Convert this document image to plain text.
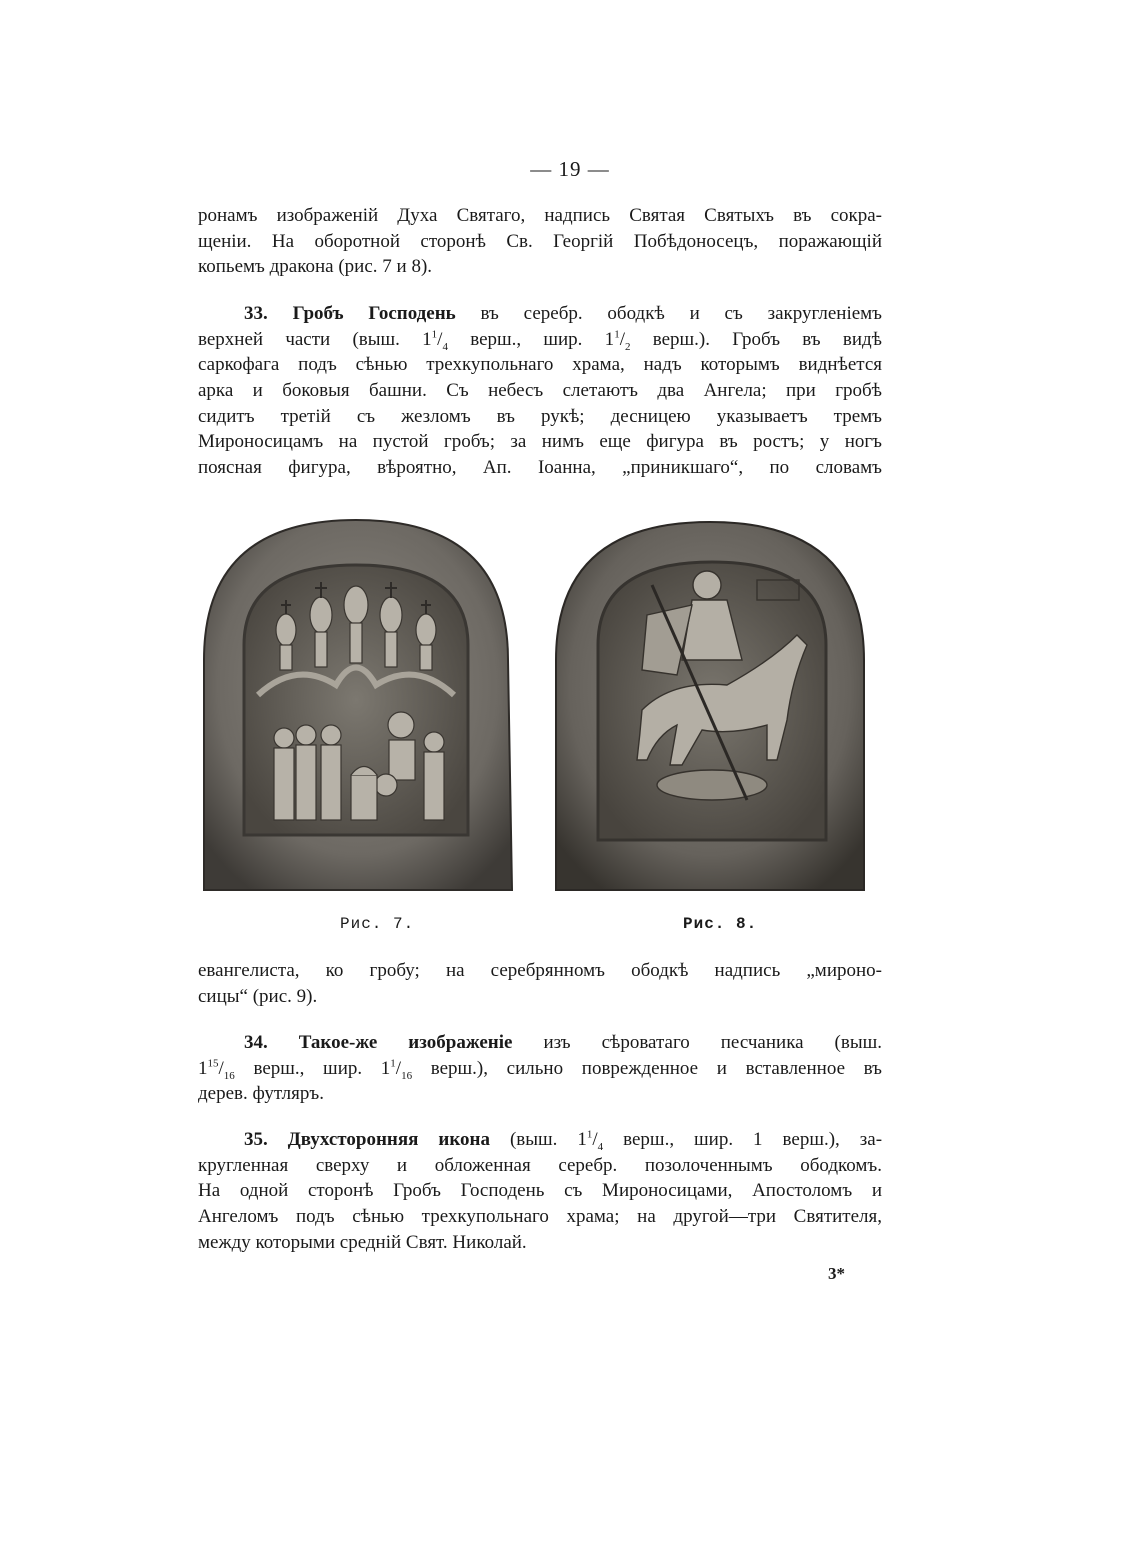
— 19 —
ронамъ изображенiй Духа Святаго, надпись Святая Святыхъ въ сокра-
щенiи. На оборотной сторонѣ Св. Георгiй Побѣдоносецъ, поражающiй
копьемъ дракона (рис. 7 и 8).
33. Гробъ Господень въ серебр. ободкѣ и съ закругленiемъ
верхней части (выш. $1^1/_4$ верш., шир. $1^1/_2$ верш.). Гробъ въ видѣ
саркофага подъ сѣнью трехкупольнаго храма, надъ которымъ виднѣется
арка и боковыя башни. Съ небесъ слетаютъ два Ангела; при гробѣ
сидитъ третiй съ жезломъ въ рукѣ; десницею указываетъ тремъ
Мироносицамъ на пустой гробъ; за нимъ еще фигура въ ростъ; у ногъ
поясная фигура, вѣроятно, Ап. Iоанна, „приникшаго“, по словамъ
Рис. 7.	Рис. 8.
евангелиста, ко гробу; на серебрянномъ ободкѣ надпись „мироно-
сицы“ (рис. 9).
34. Такое-же изображенiе изъ сѣроватаго песчаника (выш.
$1^{15}/_{16}$ верш., шир. $1^1/_{16}$ верш.), сильно поврежденное и вставленное въ
дерев. футляръ.
35. Двухсторонняя икона (выш. $1^1/_4$ верш., шир. 1 верш.), за-
кругленная сверху и обложенная серебр. позолоченнымъ ободкомъ.
На одной сторонѣ Гробъ Господень съ Мироносицами, Апостоломъ и
Ангеломъ подъ сѣнью трехкупольнаго храма; на другой—три Святителя,
между которыми среднiй Свят. Николай.
3*
